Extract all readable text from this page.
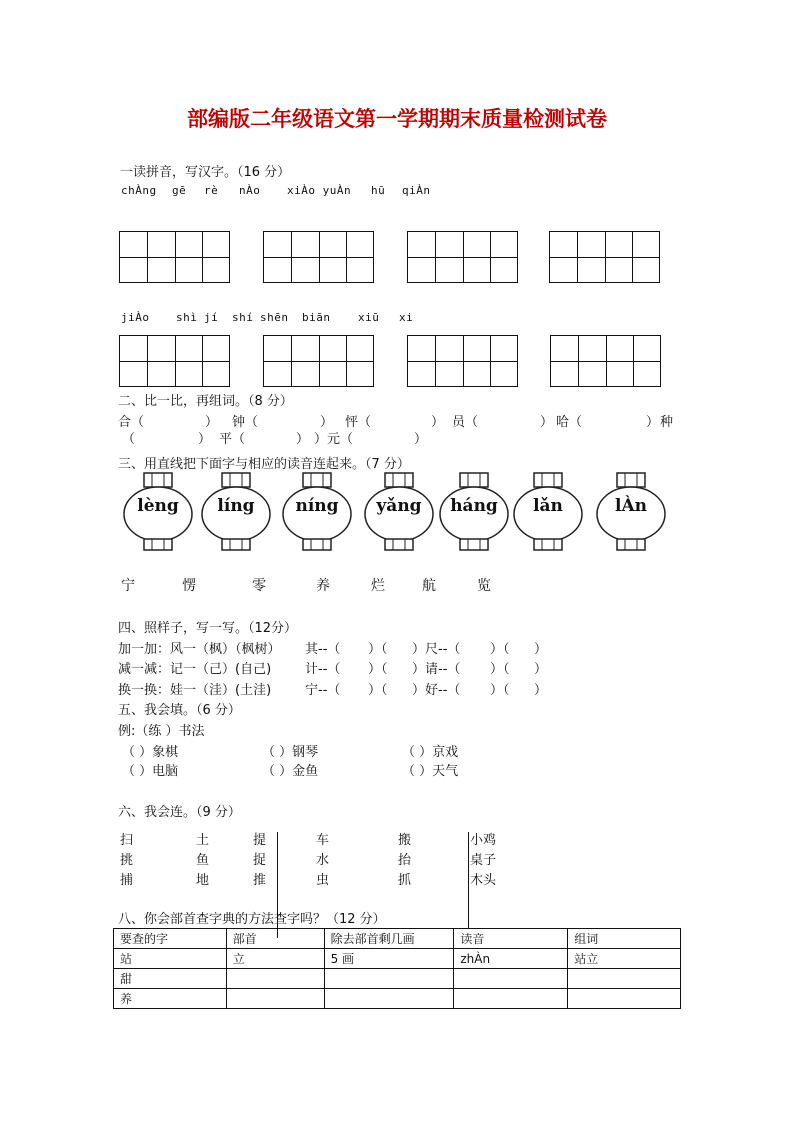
部编版二年级语文第一学期期末质量检测试卷
一读拼音，写汉字。（16 分）
chÀng gē rè nÀo xiÀo yuÀn hū qiÀn
jiÀo shì jí shí shēn biān	xiū xi
二、比一比，再组词。（8 分）
合（	） 钟（	） 怦（	） 员（	） 哈（	） 种
（	） 平（	） ）元（	）
三、用直线把下面字与相应的读音连起来。（7 分）
lèng	líng	níng	yǎng	háng	lǎn	lÀn
宁	愣	零	养	烂	航	览
四、照样子，写一写。（12分）
加一加：风一（枫）（枫树） 其--（ ）（ ）尺--（ ）（ ）
减一减：记一（己）(自己)	计--（ ）（ ）请--（ ）（ ）
换一换：娃一（洼）(土洼)	宁--（ ）（ ）好--（ ）（ ）
五、我会填。（6 分）
例:（练 ）书法
（ ）象棋	（ ）钢琴	（ ）京戏
（ ）电脑	（ ）金鱼	（ ）天气
六、我会连。（9 分）
扫	土	提	车	搬	小鸡
挑	鱼	捉	水	抬	桌子
捕	地	推	虫	抓	木头
八、你会部首查字典的方法查字吗？（12 分）
要查的字	部首	除去部首剩几画	读音	组词
站	立	5 画	zhÀn	站立
甜				
养				
